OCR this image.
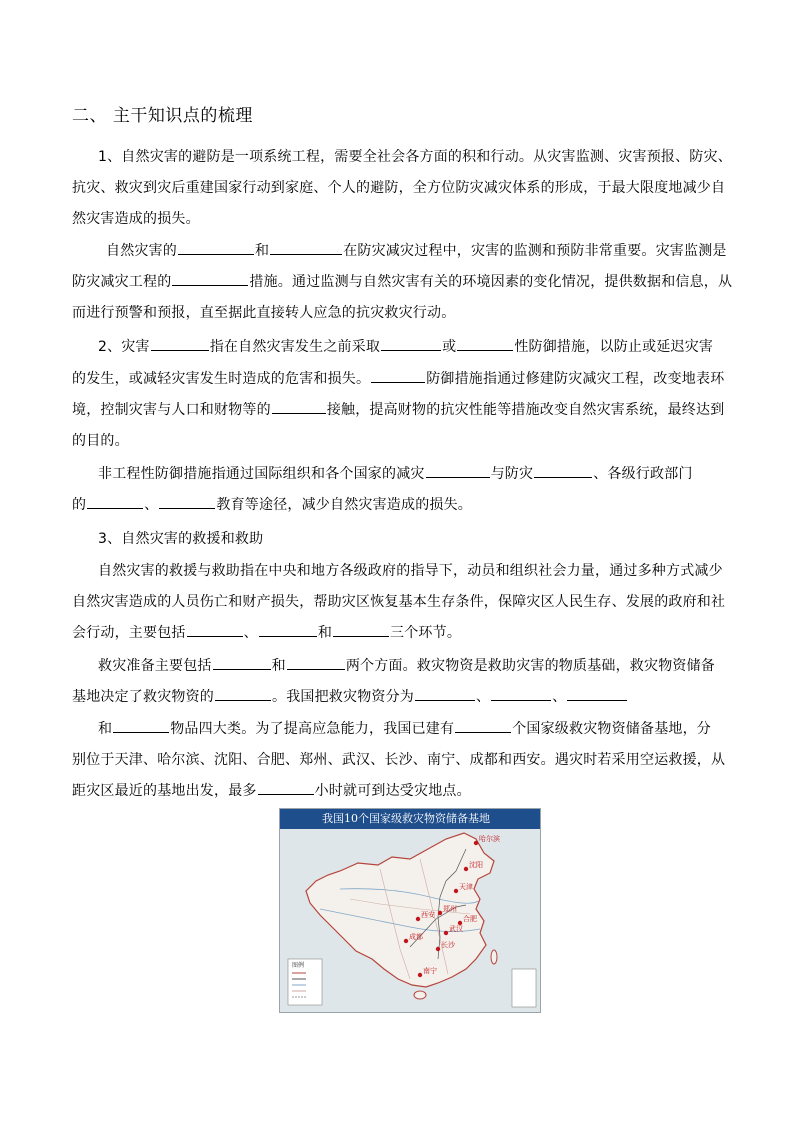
二、 主干知识点的梳理
1、自然灾害的避防是一项系统工程，需要全社会各方面的积和行动。从灾害监测、灾害预报、防灾、
抗灾、救灾到灾后重建国家行动到家庭、个人的避防，全方位防灾减灾体系的形成，于最大限度地减少自
然灾害造成的损失。
自然灾害的	和	在防灾减灾过程中，灾害的监测和预防非常重要。灾害监测是
防灾减灾工程的	措施。通过监测与自然灾害有关的环境因素的变化情况，提供数据和信息，从
而进行预警和预报，直至据此直接转人应急的抗灾救灾行动。
2、灾害	指在自然灾害发生之前采取	或	性防御措施，以防止或延迟灾害
的发生，或减轻灾害发生时造成的危害和损失。	防御措施指通过修建防灾减灾工程，改变地表环
境，控制灾害与人口和财物等的	接触，提高财物的抗灾性能等措施改变自然灾害系统，最终达到
的目的。
非工程性防御措施指通过国际组织和各个国家的减灾	与防灾	、各级行政部门
的	、	教育等途径，减少自然灾害造成的损失。
3、自然灾害的救援和救助
自然灾害的救援与救助指在中央和地方各级政府的指导下，动员和组织社会力量，通过多种方式减少
自然灾害造成的人员伤亡和财产损失，帮助灾区恢复基本生存条件，保障灾区人民生存、发展的政府和社
会行动，主要包括	、	和	三个环节。
救灾准备主要包括	和	两个方面。救灾物资是救助灾害的物质基础，救灾物资储备
基地决定了救灾物资的	。我国把救灾物资分为	、	、
和	物品四大类。为了提高应急能力，我国已建有	个国家级救灾物资储备基地，分
别位于天津、哈尔滨、沈阳、合肥、郑州、武汉、长沙、南宁、成都和西安。遇灾时若采用空运救援，从
距灾区最近的基地出发，最多	小时就可到达受灾地点。
图例
哈尔滨
沈阳
天津
郑州
西安	合肥
武汉
成都
长沙
南宁
我国10个国家级救灾物资储备基地
